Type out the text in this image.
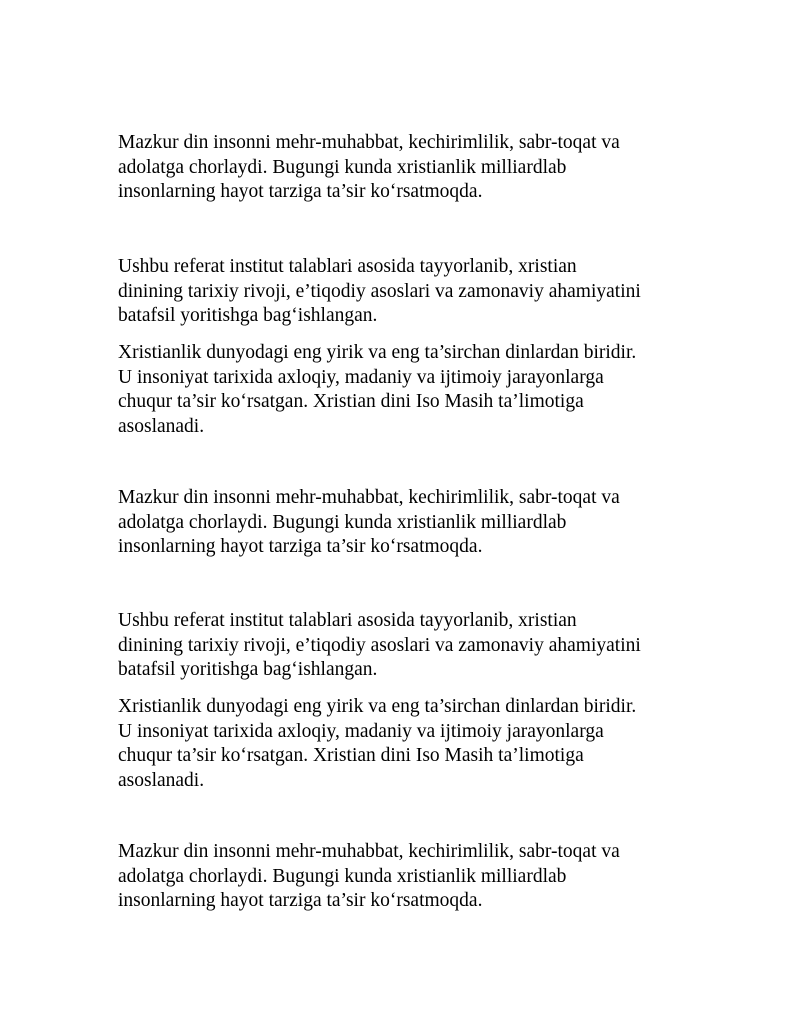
Mazkur din insonni mehr-muhabbat, kechirimlilik, sabr-toqat va
adolatga chorlaydi. Bugungi kunda xristianlik milliardlab
insonlarning hayot tarziga ta’sir ko‘rsatmoqda.

Ushbu referat institut talablari asosida tayyorlanib, xristian
dinining tarixiy rivoji, e’tiqodiy asoslari va zamonaviy ahamiyatini
batafsil yoritishga bag‘ishlangan.

Xristianlik dunyodagi eng yirik va eng ta’sirchan dinlardan biridir.
U insoniyat tarixida axloqiy, madaniy va ijtimoiy jarayonlarga
chuqur ta’sir ko‘rsatgan. Xristian dini Iso Masih ta’limotiga
asoslanadi.

Mazkur din insonni mehr-muhabbat, kechirimlilik, sabr-toqat va
adolatga chorlaydi. Bugungi kunda xristianlik milliardlab
insonlarning hayot tarziga ta’sir ko‘rsatmoqda.

Ushbu referat institut talablari asosida tayyorlanib, xristian
dinining tarixiy rivoji, e’tiqodiy asoslari va zamonaviy ahamiyatini
batafsil yoritishga bag‘ishlangan.

Xristianlik dunyodagi eng yirik va eng ta’sirchan dinlardan biridir.
U insoniyat tarixida axloqiy, madaniy va ijtimoiy jarayonlarga
chuqur ta’sir ko‘rsatgan. Xristian dini Iso Masih ta’limotiga
asoslanadi.

Mazkur din insonni mehr-muhabbat, kechirimlilik, sabr-toqat va
adolatga chorlaydi. Bugungi kunda xristianlik milliardlab
insonlarning hayot tarziga ta’sir ko‘rsatmoqda.
